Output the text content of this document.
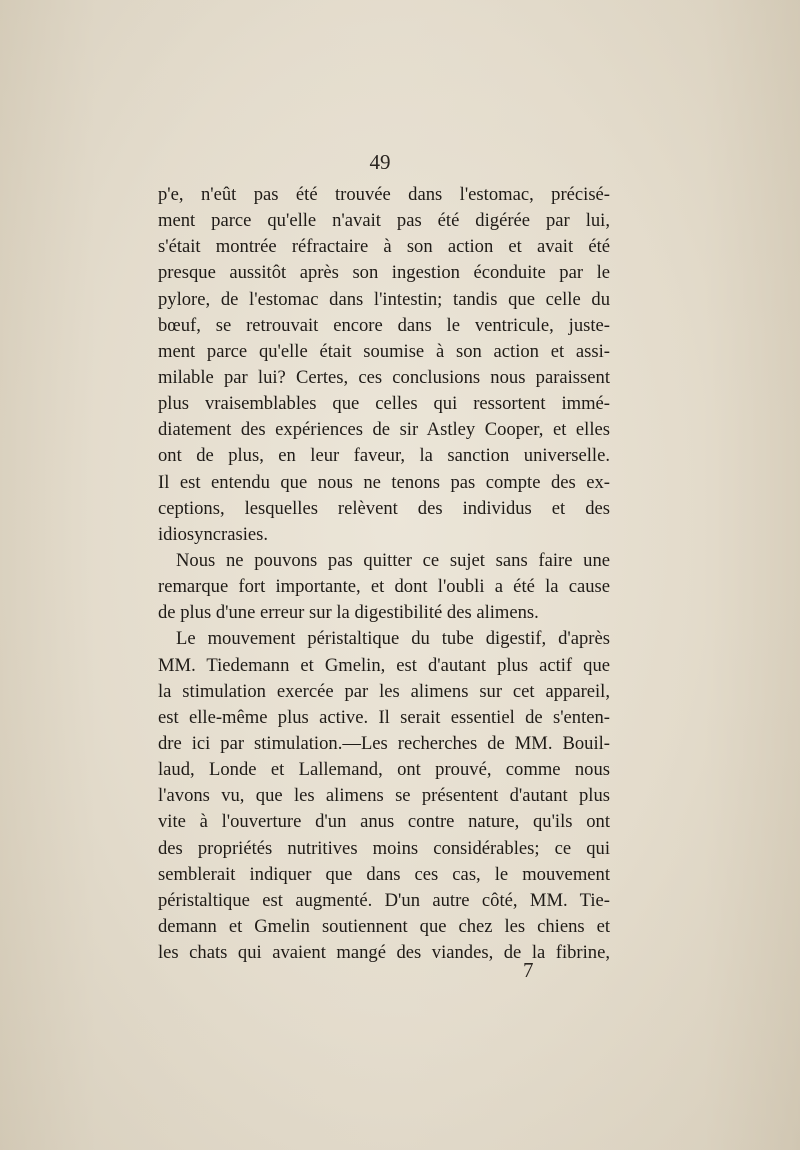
49
p'e, n'eût pas été trouvée dans l'estomac, précisé-
ment parce qu'elle n'avait pas été digérée par lui,
s'était montrée réfractaire à son action et avait été
presque aussitôt après son ingestion éconduite par le
pylore, de l'estomac dans l'intestin; tandis que celle du
bœuf, se retrouvait encore dans le ventricule, juste-
ment parce qu'elle était soumise à son action et assi-
milable par lui? Certes, ces conclusions nous paraissent
plus vraisemblables que celles qui ressortent immé-
diatement des expériences de sir Astley Cooper, et elles
ont de plus, en leur faveur, la sanction universelle.
Il est entendu que nous ne tenons pas compte des ex-
ceptions, lesquelles relèvent des individus et des
idiosyncrasies.
Nous ne pouvons pas quitter ce sujet sans faire une
remarque fort importante, et dont l'oubli a été la cause
de plus d'une erreur sur la digestibilité des alimens.
Le mouvement péristaltique du tube digestif, d'après
MM. Tiedemann et Gmelin, est d'autant plus actif que
la stimulation exercée par les alimens sur cet appareil,
est elle-même plus active. Il serait essentiel de s'enten-
dre ici par stimulation.—Les recherches de MM. Bouil-
laud, Londe et Lallemand, ont prouvé, comme nous
l'avons vu, que les alimens se présentent d'autant plus
vite à l'ouverture d'un anus contre nature, qu'ils ont
des propriétés nutritives moins considérables; ce qui
semblerait indiquer que dans ces cas, le mouvement
péristaltique est augmenté. D'un autre côté, MM. Tie-
demann et Gmelin soutiennent que chez les chiens et
les chats qui avaient mangé des viandes, de la fibrine,
7
